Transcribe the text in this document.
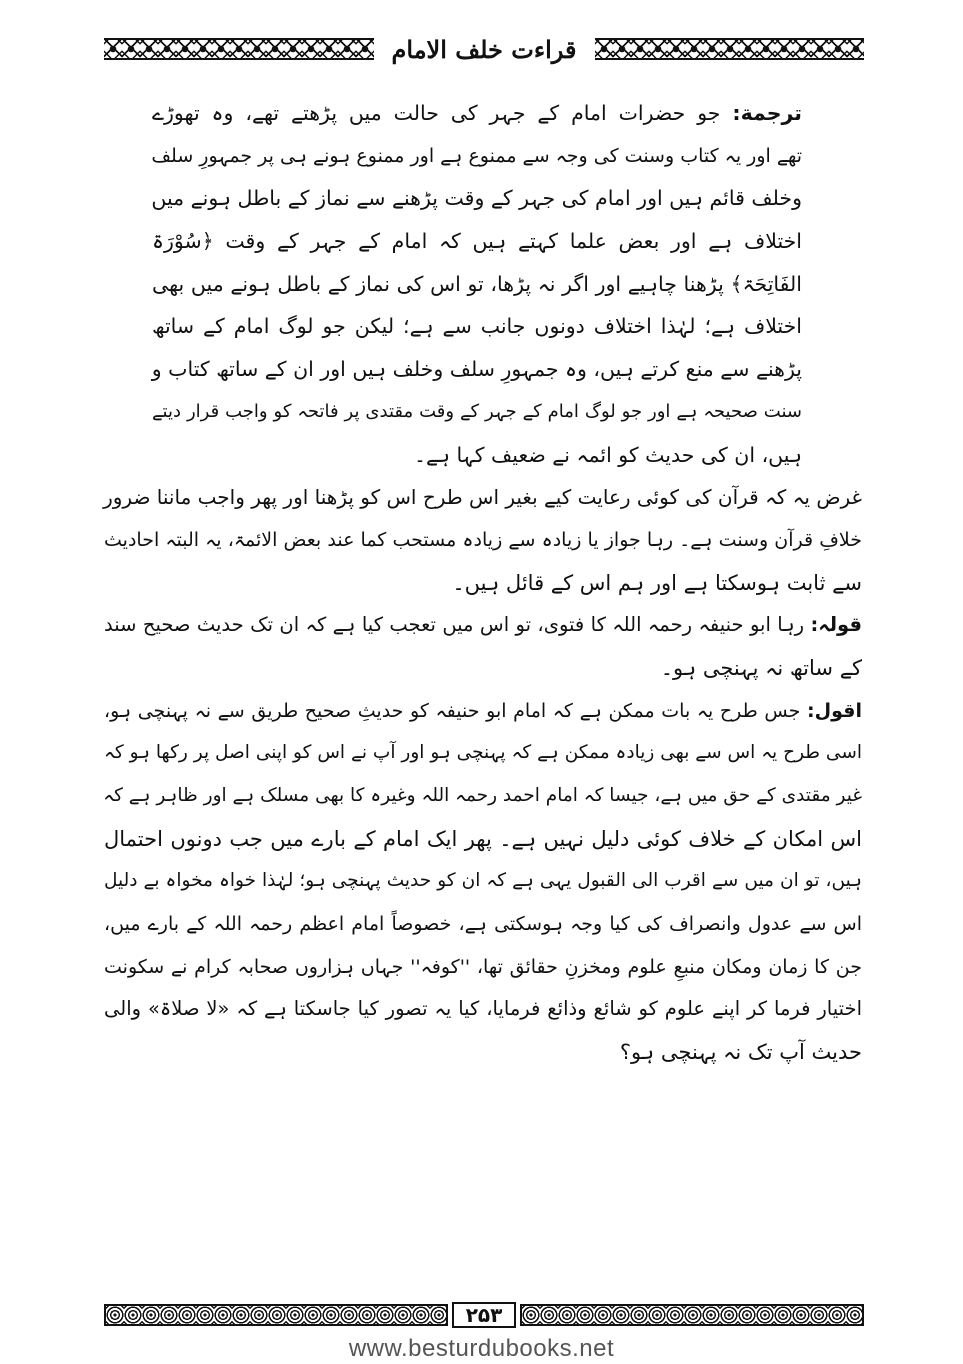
قراءت خلف الامام
ترجمة: جو حضرات امام کے جہر کی حالت میں پڑھتے تھے، وہ تھوڑے
تھے اور یہ کتاب وسنت کی وجہ سے ممنوع ہے اور ممنوع ہونے ہی پر جمہورِ سلف
وخلف قائم ہیں اور امام کی جہر کے وقت پڑھنے سے نماز کے باطل ہونے میں
اختلاف ہے اور بعض علما کہتے ہیں کہ امام کے جہر کے وقت ﴿سُوْرَۃ
الفَاتِحَۃ﴾ پڑھنا چاہیے اور اگر نہ پڑھا، تو اس کی نماز کے باطل ہونے میں بھی
اختلاف ہے؛ لہٰذا اختلاف دونوں جانب سے ہے؛ لیکن جو لوگ امام کے ساتھ
پڑھنے سے منع کرتے ہیں، وہ جمہورِ سلف وخلف ہیں اور ان کے ساتھ کتاب و
سنت صحیحہ ہے اور جو لوگ امام کے جہر کے وقت مقتدی پر فاتحہ کو واجب قرار دیتے
ہیں، ان کی حدیث کو ائمہ نے ضعیف کہا ہے۔
غرض یہ کہ قرآن کی کوئی رعایت کیے بغیر اس طرح اس کو پڑھنا اور پھر واجب ماننا ضرور
خلافِ قرآن وسنت ہے۔ رہا جواز یا زیادہ سے زیادہ مستحب کما عند بعض الائمۃ، یہ البتہ احادیث
سے ثابت ہوسکتا ہے اور ہم اس کے قائل ہیں۔
قولہ: رہا ابو حنیفہ رحمہ اللہ کا فتوی، تو اس میں تعجب کیا ہے کہ ان تک حدیث صحیح سند
کے ساتھ نہ پہنچی ہو۔
اقول: جس طرح یہ بات ممکن ہے کہ امام ابو حنیفہ کو حدیثِ صحیح طریق سے نہ پہنچی ہو،
اسی طرح یہ اس سے بھی زیادہ ممکن ہے کہ پہنچی ہو اور آپ نے اس کو اپنی اصل پر رکھا ہو کہ
غیر مقتدی کے حق میں ہے، جیسا کہ امام احمد رحمہ اللہ وغیرہ کا بھی مسلک ہے اور ظاہر ہے کہ
اس امکان کے خلاف کوئی دلیل نہیں ہے۔ پھر ایک امام کے بارے میں جب دونوں احتمال
ہیں، تو ان میں سے اقرب الی القبول یہی ہے کہ ان کو حدیث پہنچی ہو؛ لہٰذا خواہ مخواہ بے دلیل
اس سے عدول وانصراف کی کیا وجہ ہوسکتی ہے، خصوصاً امام اعظم رحمہ اللہ کے بارے میں،
جن کا زمان ومکان منبعِ علوم ومخزنِ حقائق تھا، ''کوفہ'' جہاں ہزاروں صحابہ کرام نے سکونت
اختیار فرما کر اپنے علوم کو شائع وذائع فرمایا، کیا یہ تصور کیا جاسکتا ہے کہ «لا صلاۃ» والی
حدیث آپ تک نہ پہنچی ہو؟
۲۵۳
www.besturdubooks.net
